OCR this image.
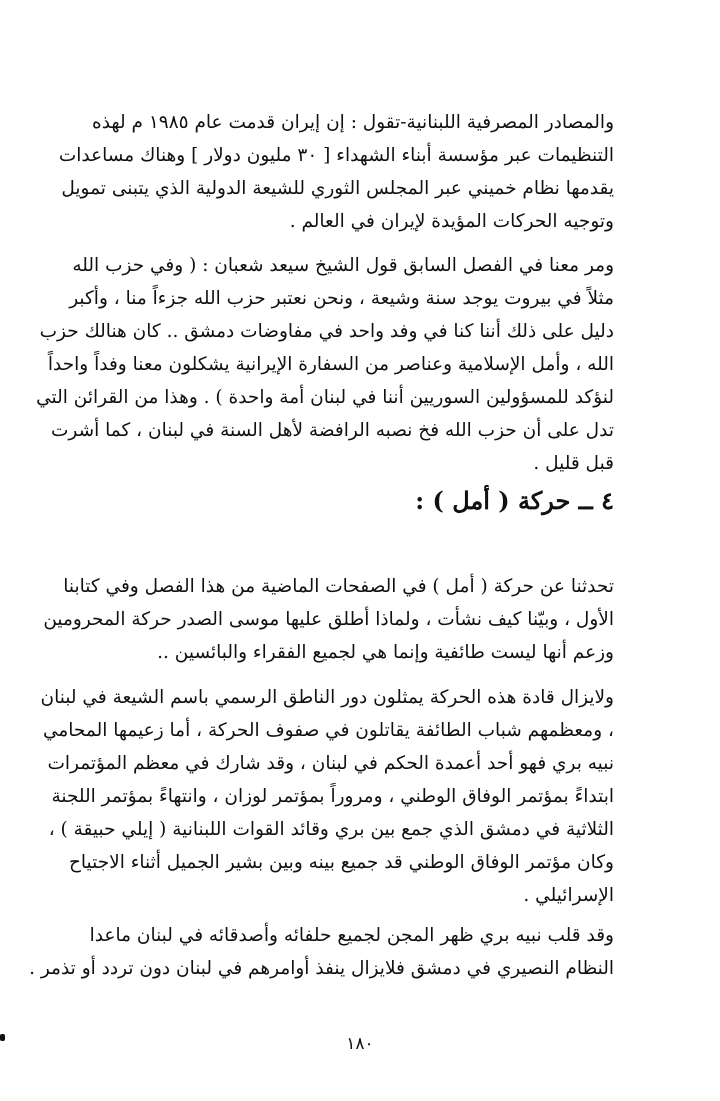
والمصادر المصرفية اللبنانية-تقول : إن إيران قدمت عام ١٩٨٥ م لهذه
التنظيمات عبر مؤسسة أبناء الشهداء [ ٣٠ مليون دولار ] وهناك مساعدات
يقدمها نظام خميني عبر المجلس الثوري للشيعة الدولية الذي يتبنى تمويل
وتوجيه الحركات المؤيدة لإيران في العالم .

ومر معنا في الفصل السابق قول الشيخ سيعد شعبان : ( وفي حزب الله
مثلاً في بيروت يوجد سنة وشيعة ، ونحن نعتبر حزب الله جزءاً منا ، وأكبر
دليل على ذلك أننا كنا في وفد واحد في مفاوضات دمشق .. كان هنالك حزب
الله ، وأمل الإسلامية وعناصر من السفارة الإيرانية يشكلون معنا وفداً واحداً
لنؤكد للمسؤولين السوريين أننا في لبنان أمة واحدة ) . وهذا من القرائن التي
تدل على أن حزب الله فخ نصبه الرافضة لأهل السنة في لبنان ، كما أشرت
قبل قليل .

٤ ــ حركة ( أمل ) :

تحدثنا عن حركة ( أمل ) في الصفحات الماضية من هذا الفصل وفي كتابنا
الأول ، وبيّنا كيف نشأت ، ولماذا أطلق عليها موسى الصدر حركة المحرومين
وزعم أنها ليست طائفية وإنما هي لجميع الفقراء والبائسين ..

ولايزال قادة هذه الحركة يمثلون دور الناطق الرسمي باسم الشيعة في لبنان
، ومعظمهم شباب الطائفة يقاتلون في صفوف الحركة ، أما زعيمها المحامي
نبيه بري فهو أحد أعمدة الحكم في لبنان ، وقد شارك في معظم المؤتمرات
ابتداءً بمؤتمر الوفاق الوطني ، ومروراً بمؤتمر لوزان ، وانتهاءً بمؤتمر اللجنة
الثلاثية في دمشق الذي جمع بين بري وقائد القوات اللبنانية ( إيلي حبيقة ) ،
وكان مؤتمر الوفاق الوطني قد جميع بينه وبين بشير الجميل أثناء الاجتياح
الإسرائيلي .

وقد قلب نبيه بري ظهر المجن لجميع حلفائه وأصدقائه في لبنان ماعدا
النظام النصيري في دمشق فلايزال ينفذ أوامرهم في لبنان دون تردد أو تذمر .

١٨٠
